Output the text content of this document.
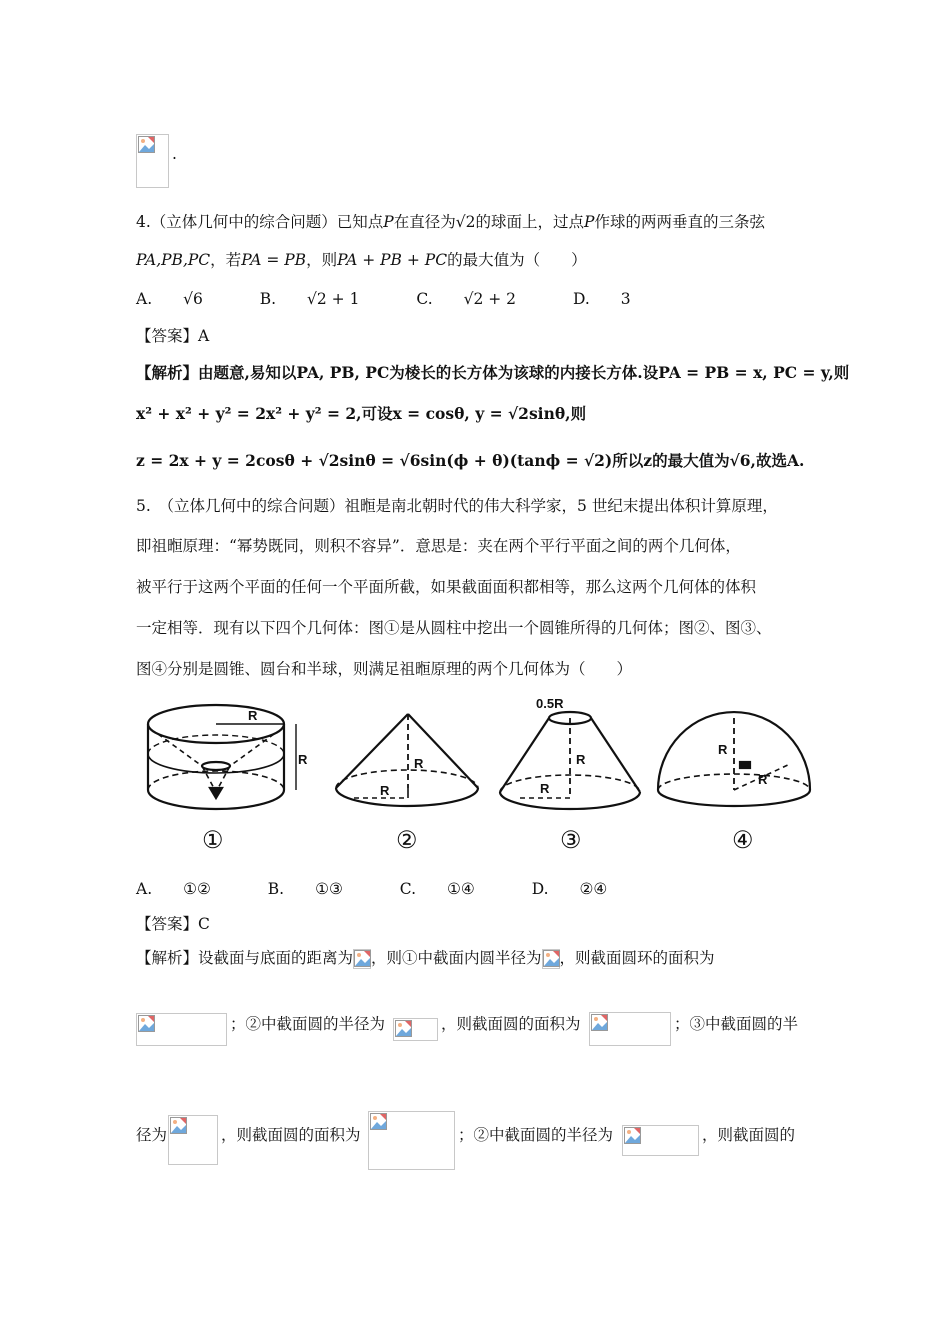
.
4.（立体几何中的综合问题）已知点P在直径为√2的球面上，过点P作球的两两垂直的三条弦
PA,PB,PC，若PA = PB，则PA + PB + PC的最大值为（　　）
A. √6	B. √2 + 1	C. √2 + 2	D. 3
【答案】A
【解析】由题意,易知以PA, PB, PC为棱长的长方体为该球的内接长方体.设PA = PB = x, PC = y,则
x² + x² + y² = 2x² + y² = 2,可设x = cosθ, y = √2sinθ,则
z = 2x + y = 2cosθ + √2sinθ = √6sin(ϕ + θ)(tanϕ = √2)所以z的最大值为√6,故选A.
5.　（立体几何中的综合问题）祖暅是南北朝时代的伟大科学家，5 世纪末提出体积计算原理，
即祖暅原理：“幂势既同，则积不容异”．意思是：夹在两个平行平面之间的两个几何体，
被平行于这两个平面的任何一个平面所截，如果截面面积都相等，那么这两个几何体的体积
一定相等．现有以下四个几何体：图①是从圆柱中挖出一个圆锥所得的几何体；图②、图③、
图④分别是圆锥、圆台和半球，则满足祖暅原理的两个几何体为（　　）
R
R	R
R
0.5R
R
R
R
R
①	②	③	④
A. ①②	B. ①③	C. ①④	D. ②④
【答案】C
【解析】设截面与底面的距离为 ，则①中截面内圆半径为 ，则截面圆环的面积为
；②中截面圆的半径为	，则截面圆的面积为	；③中截面圆的半
径为	，则截面圆的面积为	；②中截面圆的半径为	，则截面圆的
